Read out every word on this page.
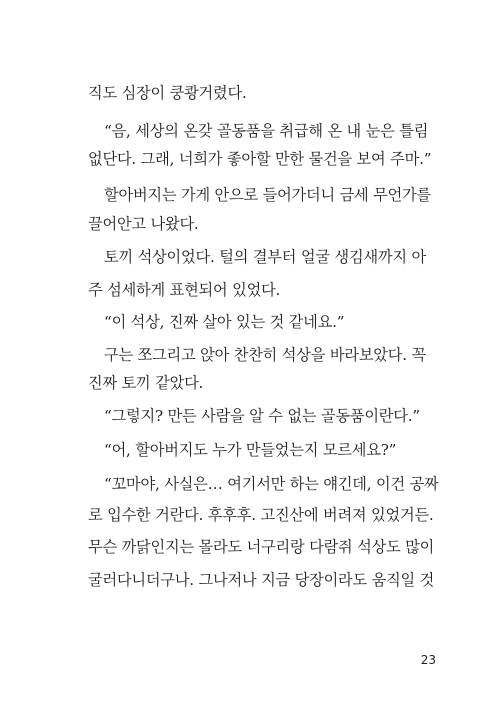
직도 심장이 쿵쾅거렸다.
“음, 세상의 온갖 골동품을 취급해 온 내 눈은 틀림
없단다. 그래, 너희가 좋아할 만한 물건을 보여 주마.”
할아버지는 가게 안으로 들어가더니 금세 무언가를
끌어안고 나왔다.
토끼 석상이었다. 털의 결부터 얼굴 생김새까지 아
주 섬세하게 표현되어 있었다.
“이 석상, 진짜 살아 있는 것 같네요.”
구는 쪼그리고 앉아 찬찬히 석상을 바라보았다. 꼭
진짜 토끼 같았다.
“그렇지? 만든 사람을 알 수 없는 골동품이란다.”
“어, 할아버지도 누가 만들었는지 모르세요?”
“꼬마야, 사실은… 여기서만 하는 얘긴데, 이건 공짜
로 입수한 거란다. 후후후. 고진산에 버려져 있었거든.
무슨 까닭인지는 몰라도 너구리랑 다람쥐 석상도 많이
굴러다니더구나. 그나저나 지금 당장이라도 움직일 것
23
